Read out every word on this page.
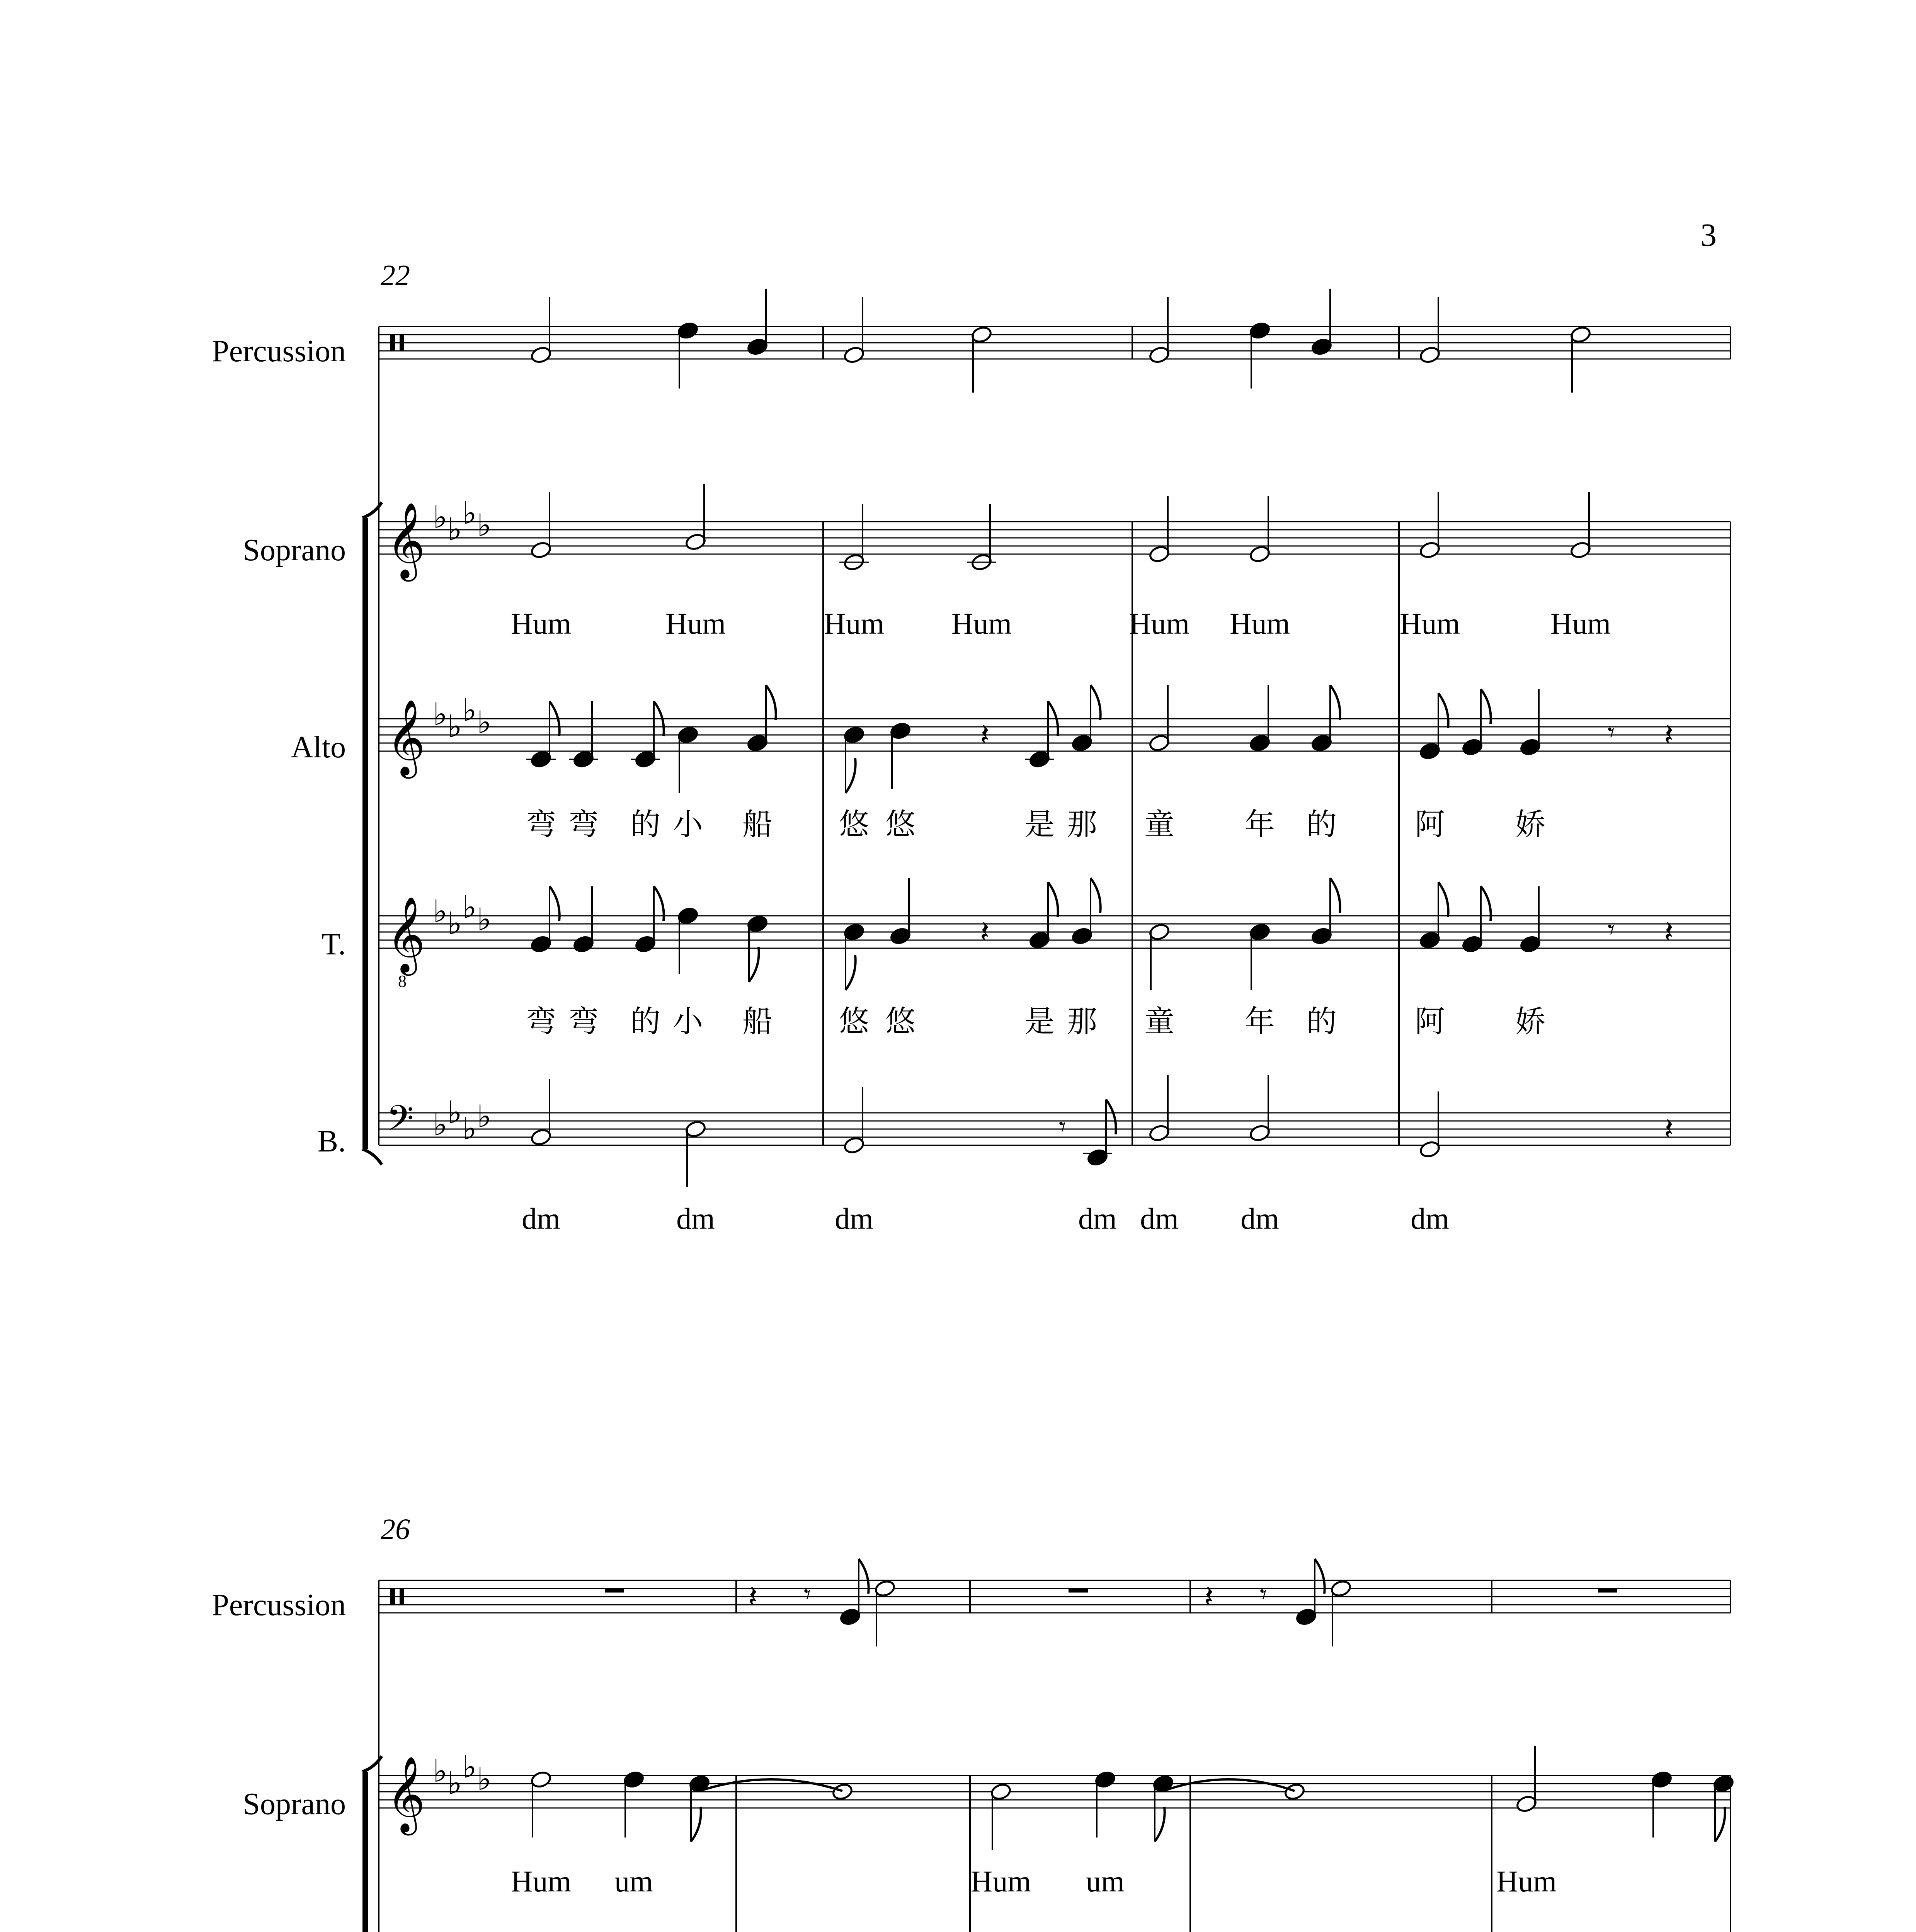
3
22
26
Percussion
Soprano
Alto
T.
B.
𝄞
𝄞
𝄞
8
𝄢
♭ ♭ ♭ ♭
♭ ♭ ♭ ♭
♭ ♭ ♭ ♭
♭ ♭ ♭ ♭
𝄽	𝄾 𝄽
𝄽	𝄾 𝄽
𝄾	𝄽
Hum	Hum	Hum Hum	Hum Hum	Hum	Hum
弯 弯 的 小 船 悠 悠	是 那 童 年 的	阿 娇
弯 弯 的 小 船 悠 悠	是 那 童 年 的	阿 娇
dm	dm	dm	dm dm dm	dm
Percussion
Soprano 𝄞 ♭ ♭ ♭ ♭
𝄽 𝄾	𝄽 𝄾
Hum um	Hum um	Hum
